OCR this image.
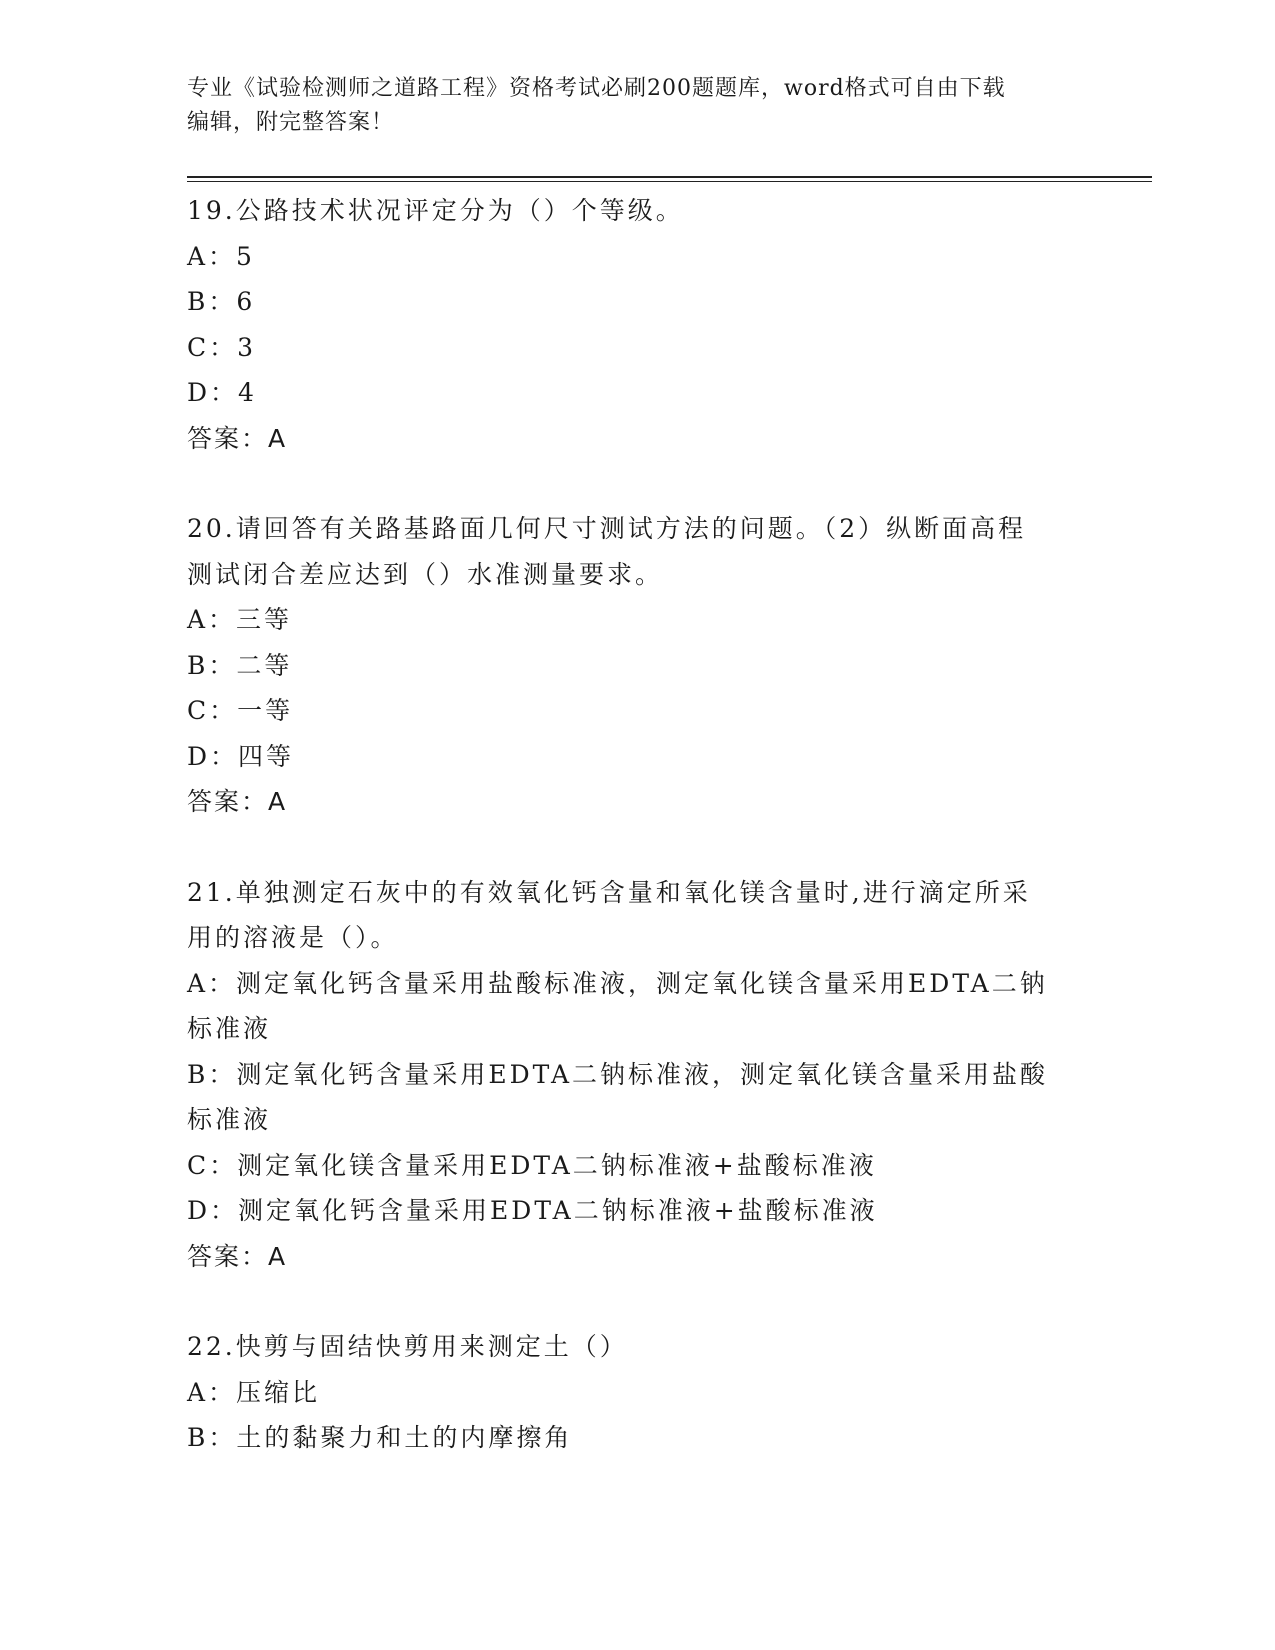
专业《试验检测师之道路工程》资格考试必刷200题题库，word格式可自由下载
编辑，附完整答案！

19.公路技术状况评定分为（）个等级。

A：5

B：6

C：3

D：4

答案：A

20.请回答有关路基路面几何尺寸测试方法的问题。（2）纵断面高程

测试闭合差应达到（）水准测量要求。

A：三等

B：二等

C：一等

D：四等

答案：A

21.单独测定石灰中的有效氧化钙含量和氧化镁含量时,进行滴定所采

用的溶液是（）。

A：测定氧化钙含量采用盐酸标准液，测定氧化镁含量采用EDTA二钠

标准液

B：测定氧化钙含量采用EDTA二钠标准液，测定氧化镁含量采用盐酸

标准液

C：测定氧化镁含量采用EDTA二钠标准液+盐酸标准液

D：测定氧化钙含量采用EDTA二钠标准液+盐酸标准液

答案：A

22.快剪与固结快剪用来测定土（）

A：压缩比

B：土的黏聚力和土的内摩擦角
